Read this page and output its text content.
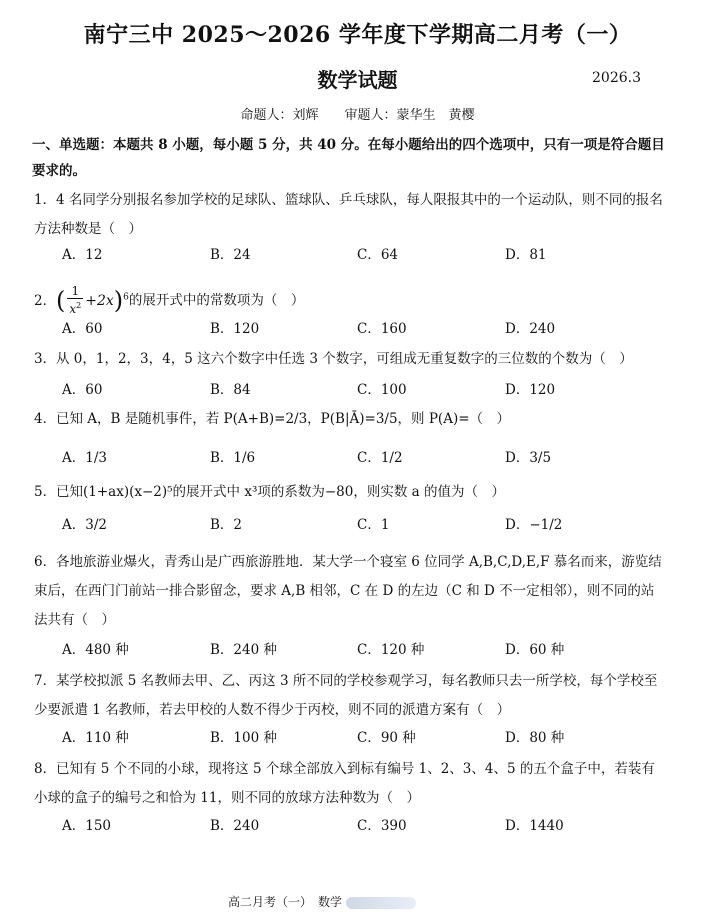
南宁三中 2025～2026 学年度下学期高二月考（一）
数学试题	2026.3
命题人：刘辉　　审题人：蒙华生　黄樱
一、单选题：本题共 8 小题，每小题 5 分，共 40 分。在每小题给出的四个选项中，只有一项是符合题目要求的。
1．4 名同学分别报名参加学校的足球队、篮球队、乒乓球队，每人限报其中的一个运动队，则不同的报名方法种数是（　）
A．12	B．24	C．64	D．81
2．( $\frac{1}{x^2} +2x)^6$的展开式中的常数项为（　）
A．60	B．120	C．160	D．240
3．从 0，1，2，3，4，5 这六个数字中任选 3 个数字，可组成无重复数字的三位数的个数为（　）
A．60	B．84	C．100	D．120
4．已知 A，B 是随机事件，若 P(A+B)=2/3，P(B|Ā)=3/5，则 P(A)=（　）
A．1/3	B．1/6	C．1/2	D．3/5
5．已知(1+ax)(x−2)⁵的展开式中 x³项的系数为−80，则实数 a 的值为（　）
A．3/2	B．2	C．1	D．−1/2
6．各地旅游业爆火，青秀山是广西旅游胜地．某大学一个寝室 6 位同学 A,B,C,D,E,F 慕名而来，游览结束后，在西门门前站一排合影留念，要求 A,B 相邻，C 在 D 的左边（C 和 D 不一定相邻），则不同的站法共有（　）
A．480 种	B．240 种	C．120 种	D．60 种
7．某学校拟派 5 名教师去甲、乙、丙这 3 所不同的学校参观学习，每名教师只去一所学校，每个学校至少要派遣 1 名教师，若去甲校的人数不得少于丙校，则不同的派遣方案有（　）
A．110 种	B．100 种	C．90 种	D．80 种
8．已知有 5 个不同的小球，现将这 5 个球全部放入到标有编号 1、2、3、4、5 的五个盒子中，若装有小球的盒子的编号之和恰为 11，则不同的放球方法种数为（　）
A．150	B．240	C．390	D．1440
高二月考（一）　数学
